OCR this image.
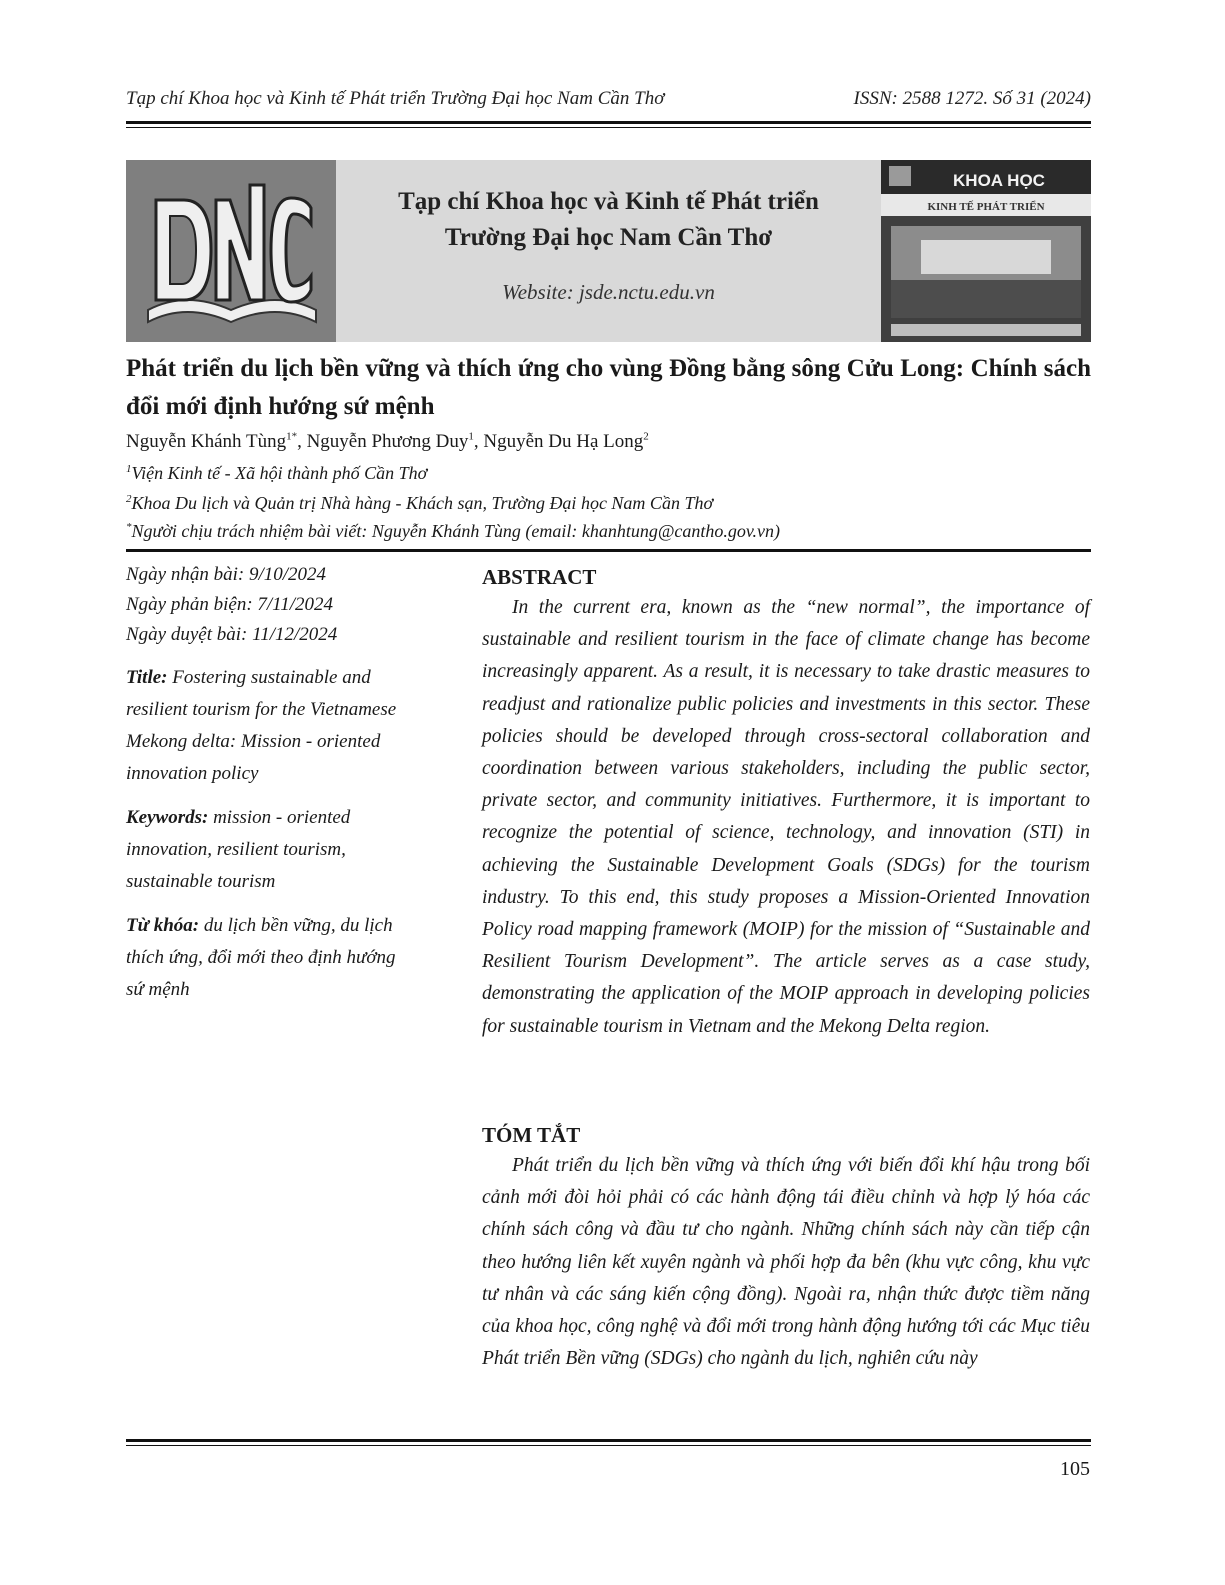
Tạp chí Khoa học và Kinh tế Phát triển Trường Đại học Nam Cần Thơ	ISSN: 2588 1272. Số 31 (2024)
Tạp chí Khoa học và Kinh tế Phát triển
Trường Đại học Nam Cần Thơ
Website: jsde.nctu.edu.vn
KHOA HỌC
KINH TẾ PHÁT TRIỂN
Phát triển du lịch bền vững và thích ứng cho vùng Đồng bằng sông Cửu Long: Chính sách đổi mới định hướng sứ mệnh
Nguyễn Khánh Tùng$^{1*}$, Nguyễn Phương Duy$^1$, Nguyễn Du Hạ Long$^2$
$^1$Viện Kinh tế - Xã hội thành phố Cần Thơ
$^2$Khoa Du lịch và Quản trị Nhà hàng - Khách sạn, Trường Đại học Nam Cần Thơ
*Người chịu trách nhiệm bài viết: Nguyễn Khánh Tùng (email: khanhtung@cantho.gov.vn)

Ngày nhận bài: 9/10/2024
Ngày phản biện: 7/11/2024
Ngày duyệt bài: 11/12/2024

Title: Fostering sustainable and resilient tourism for the Vietnamese Mekong delta: Mission - oriented innovation policy

Keywords: mission - oriented innovation, resilient tourism, sustainable tourism

Từ khóa: du lịch bền vững, du lịch thích ứng, đổi mới theo định hướng sứ mệnh

ABSTRACT

In the current era, known as the “new normal”, the importance of sustainable and resilient tourism in the face of climate change has become increasingly apparent. As a result, it is necessary to take drastic measures to readjust and rationalize public policies and investments in this sector. These policies should be developed through cross-sectoral collaboration and coordination between various stakeholders, including the public sector, private sector, and community initiatives. Furthermore, it is important to recognize the potential of science, technology, and innovation (STI) in achieving the Sustainable Development Goals (SDGs) for the tourism industry. To this end, this study proposes a Mission-Oriented Innovation Policy road mapping framework (MOIP) for the mission of “Sustainable and Resilient Tourism Development”. The article serves as a case study, demonstrating the application of the MOIP approach in developing policies for sustainable tourism in Vietnam and the Mekong Delta region.

TÓM TẮT

Phát triển du lịch bền vững và thích ứng với biến đổi khí hậu trong bối cảnh mới đòi hỏi phải có các hành động tái điều chỉnh và hợp lý hóa các chính sách công và đầu tư cho ngành. Những chính sách này cần tiếp cận theo hướng liên kết xuyên ngành và phối hợp đa bên (khu vực công, khu vực tư nhân và các sáng kiến cộng đồng). Ngoài ra, nhận thức được tiềm năng của khoa học, công nghệ và đổi mới trong hành động hướng tới các Mục tiêu Phát triển Bền vững (SDGs) cho ngành du lịch, nghiên cứu này

105
